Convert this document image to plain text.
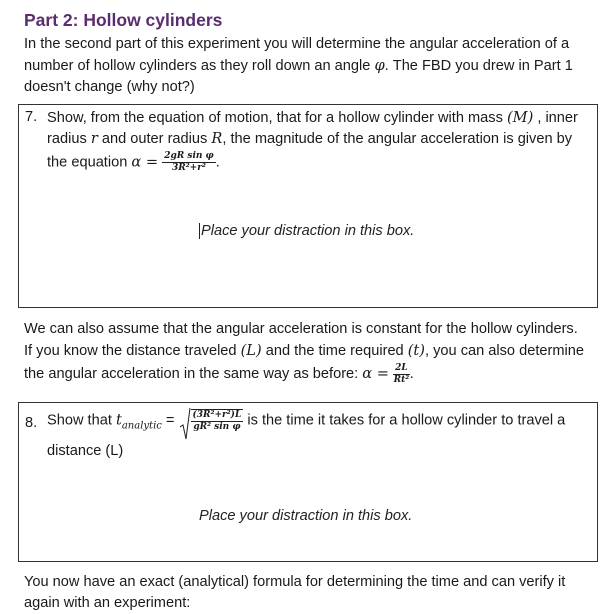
Part 2: Hollow cylinders
In the second part of this experiment you will determine the angular acceleration of a number of hollow cylinders as they roll down an angle φ. The FBD you drew in Part 1 doesn't change (why not?)
7. Show, from the equation of motion, that for a hollow cylinder with mass (M) , inner
radius r and outer radius R, the magnitude of the angular acceleration is given by
the equation $\alpha = \frac{\text{2gR sin φ}}{\text{3R²+r²}}$ .
Place your distraction in this box.
We can also assume that the angular acceleration is constant for the hollow cylinders.
If you know the distance traveled (L) and the time required (t), you can also determine
the angular acceleration in the same way as before: $\alpha = \frac{2L}{\text{Rt²}}$ .
8. Show that $t_{analytic} = \frac{\text{(3R²+r²)L}}{\text{gR² sin φ}}$ is the time it takes for a hollow cylinder to travel a
distance (L)
Place your distraction in this box.
You now have an exact (analytical) formula for determining the time and can verify it
again with an experiment:
